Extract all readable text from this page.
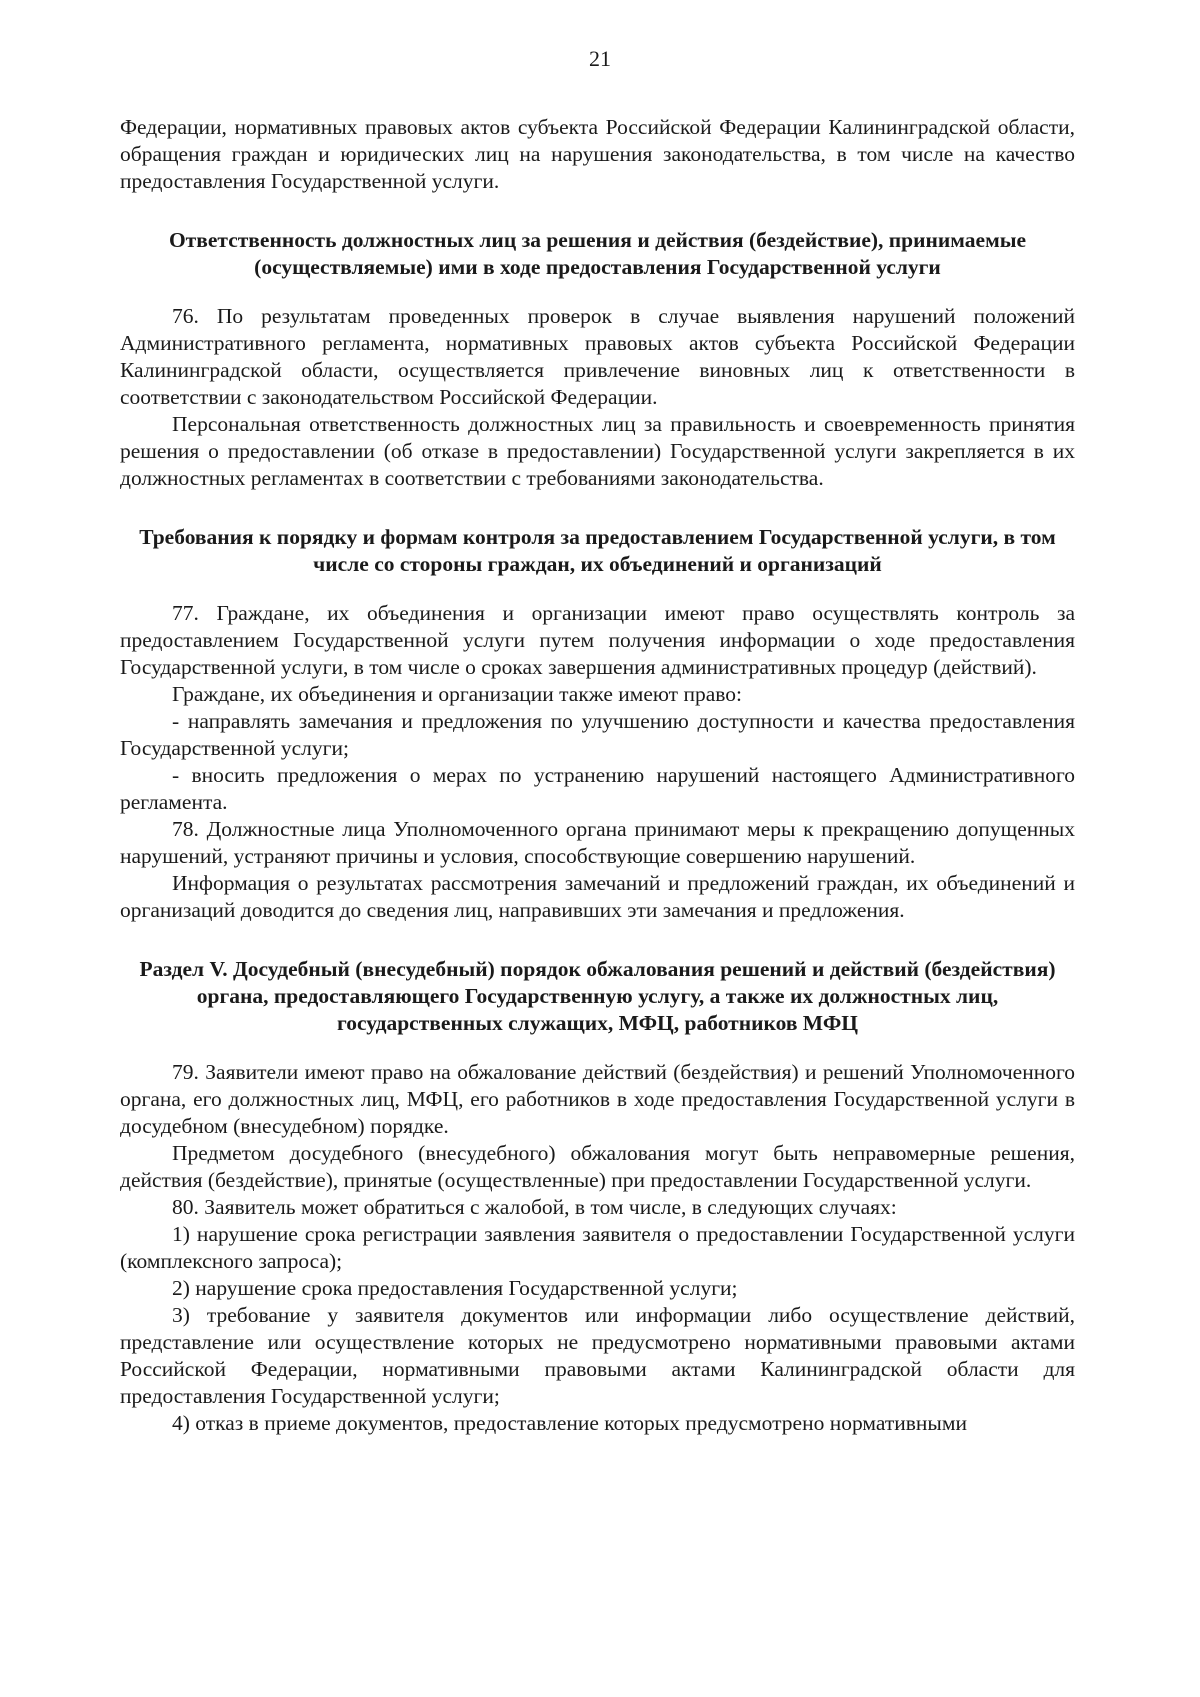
21

Федерации, нормативных правовых актов субъекта Российской Федерации Калининградской области, обращения граждан и юридических лиц на нарушения законодательства, в том числе на качество предоставления Государственной услуги.

Ответственность должностных лиц за решения и действия (бездействие), принимаемые (осуществляемые) ими в ходе предоставления Государственной услуги

76. По результатам проведенных проверок в случае выявления нарушений положений Административного регламента, нормативных правовых актов субъекта Российской Федерации Калининградской области, осуществляется привлечение виновных лиц к ответственности в соответствии с законодательством Российской Федерации.

Персональная ответственность должностных лиц за правильность и своевременность принятия решения о предоставлении (об отказе в предоставлении) Государственной услуги закрепляется в их должностных регламентах в соответствии с требованиями законодательства.

Требования к порядку и формам контроля за предоставлением Государственной услуги, в том числе со стороны граждан, их объединений и организаций

77. Граждане, их объединения и организации имеют право осуществлять контроль за предоставлением Государственной услуги путем получения информации о ходе предоставления Государственной услуги, в том числе о сроках завершения административных процедур (действий).

Граждане, их объединения и организации также имеют право:

- направлять замечания и предложения по улучшению доступности и качества предоставления Государственной услуги;

- вносить предложения о мерах по устранению нарушений настоящего Административного регламента.

78. Должностные лица Уполномоченного органа принимают меры к прекращению допущенных нарушений, устраняют причины и условия, способствующие совершению нарушений.

Информация о результатах рассмотрения замечаний и предложений граждан, их объединений и организаций доводится до сведения лиц, направивших эти замечания и предложения.

Раздел V. Досудебный (внесудебный) порядок обжалования решений и действий (бездействия) органа, предоставляющего Государственную услугу, а также их должностных лиц, государственных служащих, МФЦ, работников МФЦ

79. Заявители имеют право на обжалование действий (бездействия) и решений Уполномоченного органа, его должностных лиц, МФЦ, его работников в ходе предоставления Государственной услуги в досудебном (внесудебном) порядке.

Предметом досудебного (внесудебного) обжалования могут быть неправомерные решения, действия (бездействие), принятые (осуществленные) при предоставлении Государственной услуги.

80. Заявитель может обратиться с жалобой, в том числе, в следующих случаях:

1) нарушение срока регистрации заявления заявителя о предоставлении Государственной услуги (комплексного запроса);

2) нарушение срока предоставления Государственной услуги;

3) требование у заявителя документов или информации либо осуществление действий, представление или осуществление которых не предусмотрено нормативными правовыми актами Российской Федерации, нормативными правовыми актами Калининградской области для предоставления Государственной услуги;

4) отказ в приеме документов, предоставление которых предусмотрено нормативными
